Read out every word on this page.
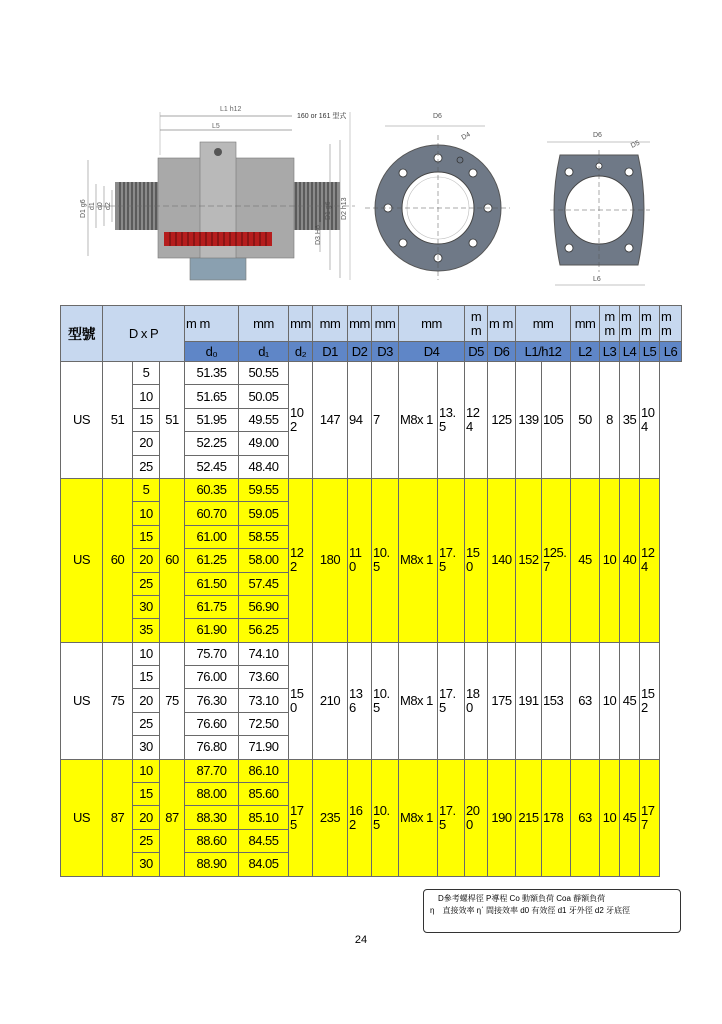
L1 h12
L5
160 or 161 型式
D1 g6 d1 d0 d2	D1 g6 D2 h13
D3 H6
D6
D4	D6
D5
L6
型號	D x P			m m	mm	mm	mm	mm	mm	mm		mm	m m	mm		mm	mm	m m	m m	m m
				d₀	d₁	d₂	D1	D2	D3	D4		D5	D6	L1/h12		L2	L3	L4	L5	L6
US	51	5	51	51.35	50.55	10 2	147	94	7	M8x 1	13. 5	12 4	125	139	105	50	8	35	10 4	
		10		51.65	50.05															
		15		51.95	49.55															
		20		52.25	49.00															
		25		52.45	48.40															
US	60	5	60	60.35	59.55	12 2	180	11 0	10. 5	M8x 1	17. 5	15 0	140	152	125. 7	45	10	40	12 4	
		10		60.70	59.05															
		15		61.00	58.55															
		20		61.25	58.00															
		25		61.50	57.45															
		30		61.75	56.90															
		35		61.90	56.25															
US	75	10	75	75.70	74.10	15 0	210	13 6	10. 5	M8x 1	17. 5	18 0	175	191	153	63	10	45	15 2	
		15		76.00	73.60															
		20		76.30	73.10															
		25		76.60	72.50															
		30		76.80	71.90															
US	87	10	87	87.70	86.10	17 5	235	16 2	10. 5	M8x 1	17. 5	20 0	190	215	178	63	10	45	17 7	
		15		88.00	85.60															
		20		88.30	85.10															
		25		88.60	84.55															
		30		88.90	84.05															
D參考螺桿徑 P導程 Co 動額負荷 Coa 靜額負荷
η　直接效率 η΄ 間接效率 d0 有效徑 d1 牙外徑 d2 牙底徑
24
